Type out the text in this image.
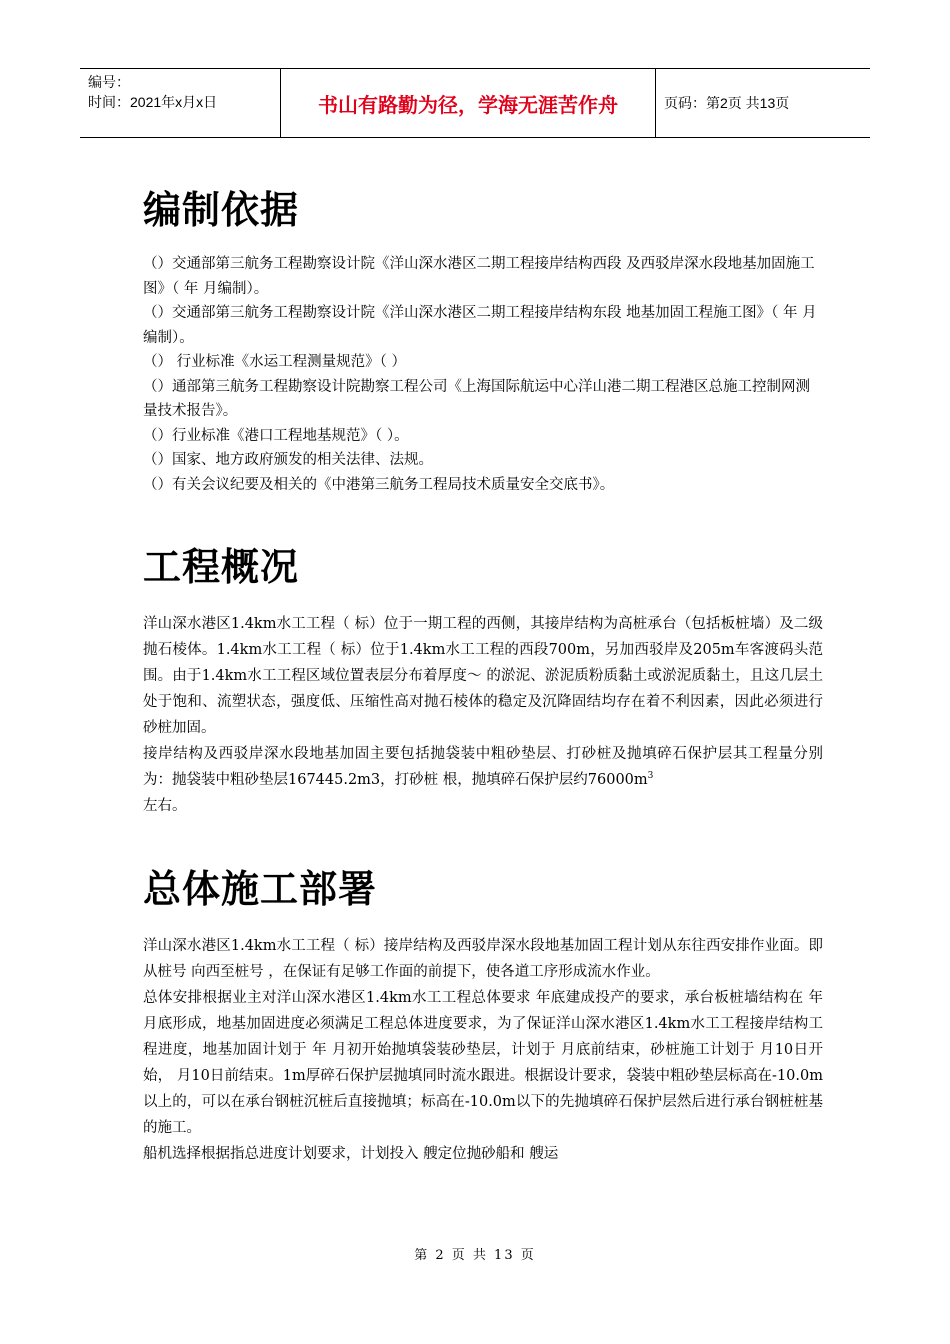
编号：
时间：2021年x月x日	书山有路勤为径，学海无涯苦作舟	页码：第2页 共13页
编制依据

（）交通部第三航务工程勘察设计院《洋山深水港区二期工程接岸结构西段 及西驳岸深水段地基加固施工图》（ 年 月编制）。

（）交通部第三航务工程勘察设计院《洋山深水港区二期工程接岸结构东段 地基加固工程施工图》（ 年 月编制）。

（） 行业标准《水运工程测量规范》（ ）

（）通部第三航务工程勘察设计院勘察工程公司《上海国际航运中心洋山港二期工程港区总施工控制网测量技术报告》。

（）行业标准《港口工程地基规范》（ ）。

（）国家、地方政府颁发的相关法律、法规。

（）有关会议纪要及相关的《中港第三航务工程局技术质量安全交底书》。

工程概况

洋山深水港区1.4km水工工程（ 标）位于一期工程的西侧，其接岸结构为高桩承台（包括板桩墙）及二级抛石棱体。1.4km水工工程（ 标）位于1.4km水工工程的西段700m，另加西驳岸及205m车客渡码头范围。由于1.4km水工工程区域位置表层分布着厚度～ 的淤泥、淤泥质粉质黏土或淤泥质黏土，且这几层土处于饱和、流塑状态，强度低、压缩性高对抛石棱体的稳定及沉降固结均存在着不利因素，因此必须进行砂桩加固。

接岸结构及西驳岸深水段地基加固主要包括抛袋装中粗砂垫层、打砂桩及抛填碎石保护层其工程量分别为：抛袋装中粗砂垫层167445.2m3，打砂桩 根，抛填碎石保护层约$76000m^3$
左右。

总体施工部署

洋山深水港区1.4km水工工程（ 标）接岸结构及西驳岸深水段地基加固工程计划从东往西安排作业面。即从桩号 向西至桩号 ，在保证有足够工作面的前提下，使各道工序形成流水作业。

总体安排根据业主对洋山深水港区1.4km水工工程总体要求 年底建成投产的要求，承台板桩墙结构在 年 月底形成，地基加固进度必须满足工程总体进度要求，为了保证洋山深水港区1.4km水工工程接岸结构工程进度，地基加固计划于 年 月初开始抛填袋装砂垫层，计划于 月底前结束，砂桩施工计划于 月10日开始， 月10日前结束。1m厚碎石保护层抛填同时流水跟进。根据设计要求，袋装中粗砂垫层标高在-10.0m以上的，可以在承台钢桩沉桩后直接抛填；标高在-10.0m以下的先抛填碎石保护层然后进行承台钢桩桩基的施工。

船机选择根据指总进度计划要求，计划投入 艘定位抛砂船和 艘运

第 2 页 共 13 页
